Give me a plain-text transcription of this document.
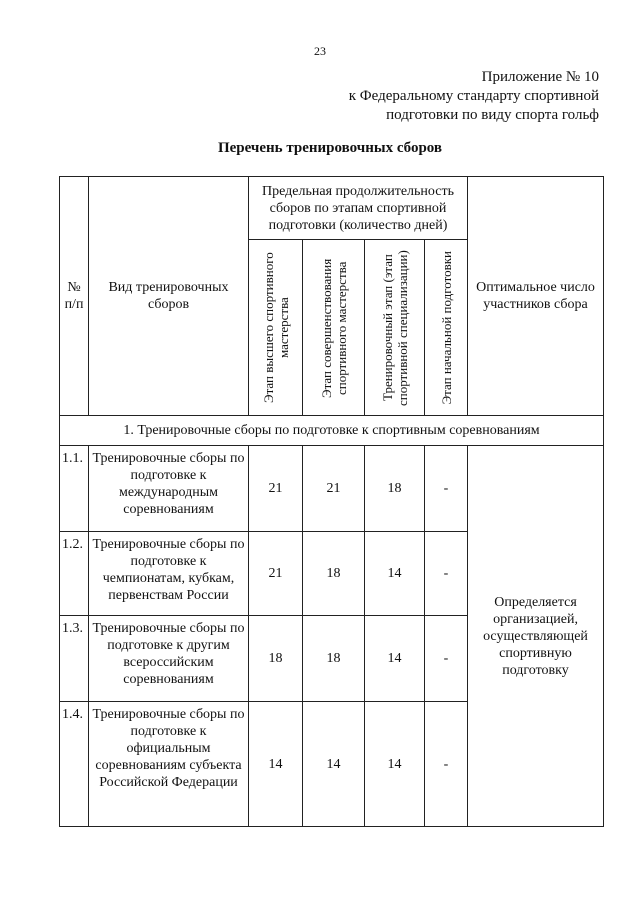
23
Приложение № 10
к Федеральному стандарту спортивной
подготовки по виду спорта гольф
Перечень тренировочных сборов
№ п/п	Вид тренировочных сборов	Предельная продолжительность сборов по этапам спортивной подготовки (количество дней)				Оптимальное число участников сбора

		Этап высшего спортивного мастерства	Этап совершенствования спортивного мастерства	Тренировочный этап (этап спортивной специализации)	Этап начальной подготовки	

1. Тренировочные сборы по подготовке к спортивным соревнованиям						
1.1.	Тренировочные сборы по подготовке к международным соревнованиям	21	21	18	-	Определяется организацией, осуществляющей спортивную подготовку
1.2.	Тренировочные сборы по подготовке к чемпионатам, кубкам, первенствам России	21	18	14	-	
1.3.	Тренировочные сборы по подготовке к другим всероссийским соревнованиям	18	18	14	-	
1.4.	Тренировочные сборы по подготовке к официальным соревнованиям субъекта Российской Федерации	14	14	14	-	
